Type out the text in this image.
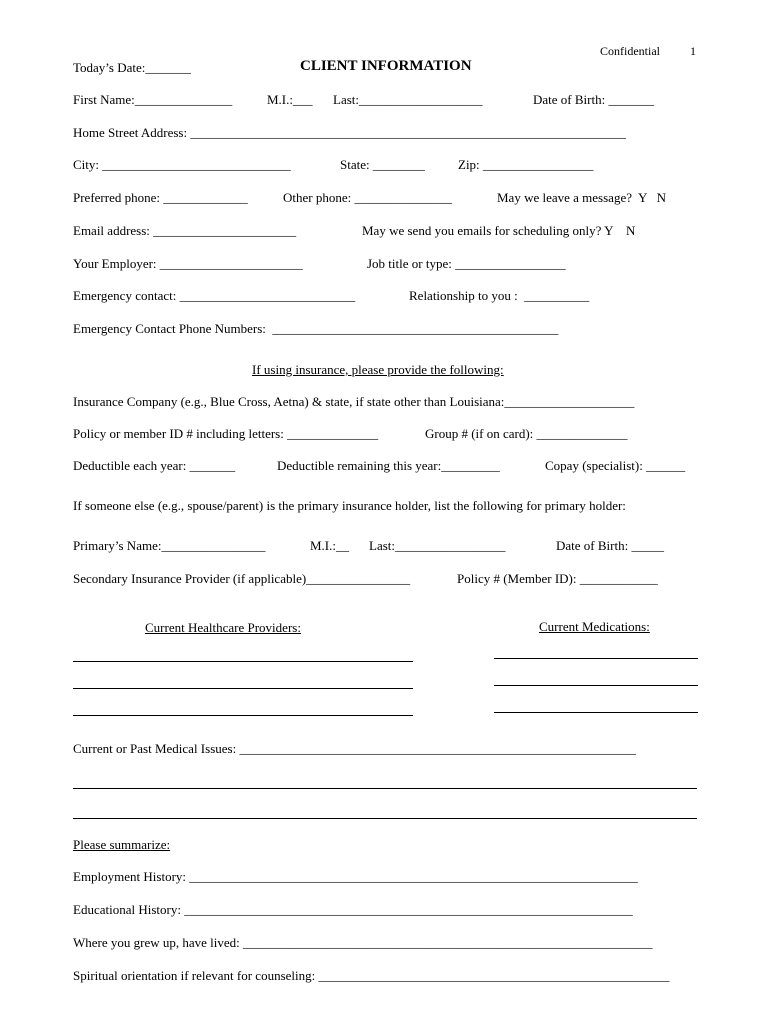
Confidential	1
Today’s Date:_______	CLIENT INFORMATION
First Name:_______________	M.I.:___ Last:___________________	Date of Birth: _______
Home Street Address: ___________________________________________________________________
City: _____________________________	State: ________	Zip: _________________
Preferred phone: _____________	Other phone: _______________	May we leave a message?  Y   N
Email address: ______________________	May we send you emails for scheduling only? Y    N
Your Employer: ______________________	Job title or type: _________________
Emergency contact: ___________________________	Relationship to you :  __________
Emergency Contact Phone Numbers:  ____________________________________________
If using insurance, please provide the following:
Insurance Company (e.g., Blue Cross, Aetna) & state, if state other than Louisiana:____________________
Policy or member ID # including letters: ______________	Group # (if on card): ______________
Deductible each year: _______	Deductible remaining this year:_________	Copay (specialist): ______
If someone else (e.g., spouse/parent) is the primary insurance holder, list the following for primary holder:
Primary’s Name:________________	M.I.:__ Last:_________________	Date of Birth: _____
Secondary Insurance Provider (if applicable)________________	Policy # (Member ID): ____________
Current Healthcare Providers:	Current Medications:
Current or Past Medical Issues: _____________________________________________________________
Please summarize:
Employment History: _____________________________________________________________________
Educational History: _____________________________________________________________________
Where you grew up, have lived: _______________________________________________________________
Spiritual orientation if relevant for counseling: ______________________________________________________
